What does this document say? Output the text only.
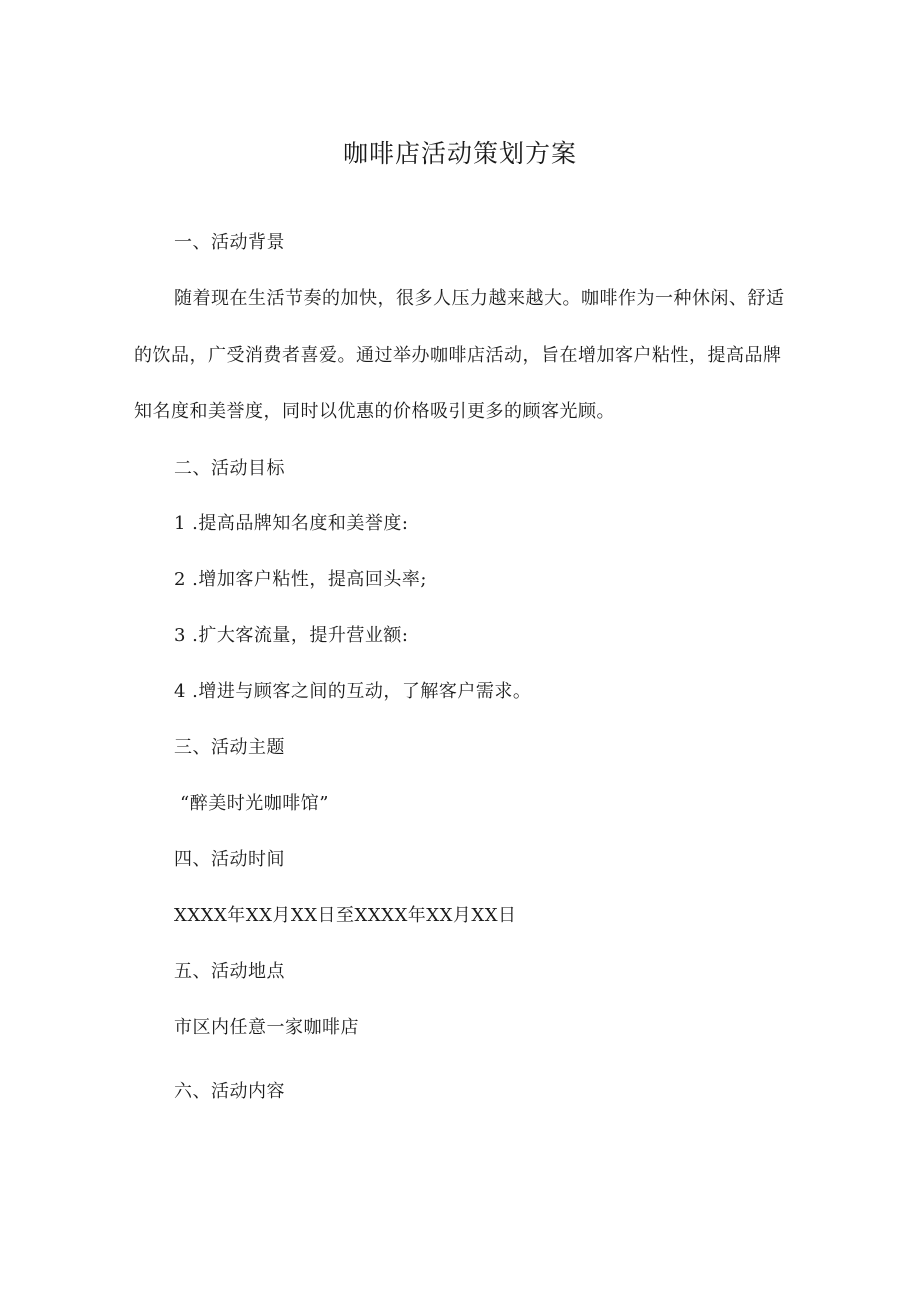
咖啡店活动策划方案
一、活动背景
随着现在生活节奏的加快，很多人压力越来越大。咖啡作为一种休闲、舒适
的饮品，广受消费者喜爱。通过举办咖啡店活动，旨在增加客户粘性，提高品牌
知名度和美誉度，同时以优惠的价格吸引更多的顾客光顾。
二、活动目标
1 .提高品牌知名度和美誉度:
2 .增加客户粘性，提高回头率;
3 .扩大客流量，提升营业额:
4 .增进与顾客之间的互动，了解客户需求。
三、活动主题
“醉美时光咖啡馆”
四、活动时间
XXXX年XX月XX日至XXXX年XX月XX日
五、活动地点
市区内任意一家咖啡店
六、活动内容
